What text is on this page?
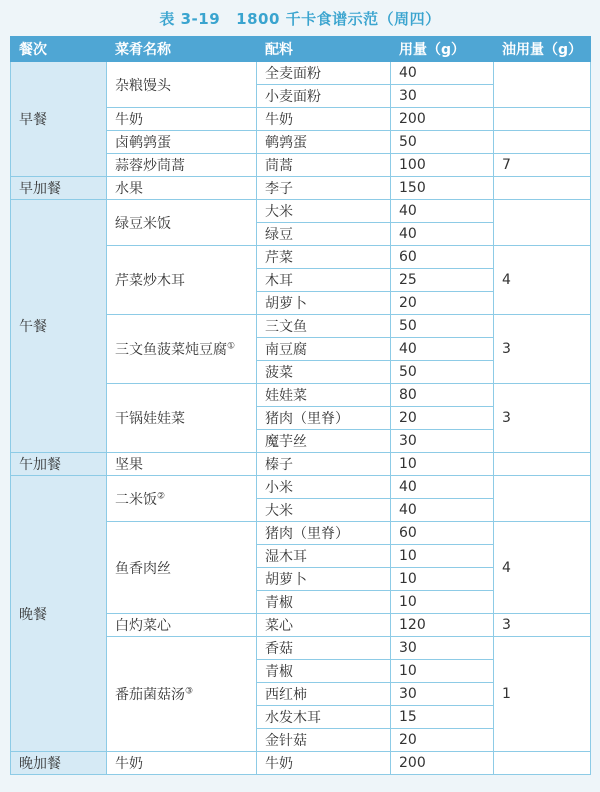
表 3-19 1800 千卡食谱示范（周四）
餐次	菜肴名称	配料	用量（g）	油用量（g）
早餐	杂粮馒头	全麦面粉	40	
		小麦面粉	30	
	牛奶	牛奶	200	
	卤鹌鹑蛋	鹌鹑蛋	50	
	蒜蓉炒茼蒿	茼蒿	100	7
早加餐	水果	李子	150	
午餐	绿豆米饭	大米	40	
		绿豆	40	
	芹菜炒木耳	芹菜	60	4
		木耳	25	
		胡萝卜	20	
	三文鱼菠菜炖豆腐①	三文鱼	50	3
		南豆腐	40	
		菠菜	50	
	干锅娃娃菜	娃娃菜	80	3
		猪肉（里脊）	20	
		魔芋丝	30	
午加餐	坚果	榛子	10	
晚餐	二米饭②	小米	40	
		大米	40	
	鱼香肉丝	猪肉（里脊）	60	4
		湿木耳	10	
		胡萝卜	10	
		青椒	10	
	白灼菜心	菜心	120	3
	番茄菌菇汤③	香菇	30	1
		青椒	10	
		西红柿	30	
		水发木耳	15	
		金针菇	20	
晚加餐	牛奶	牛奶	200	
